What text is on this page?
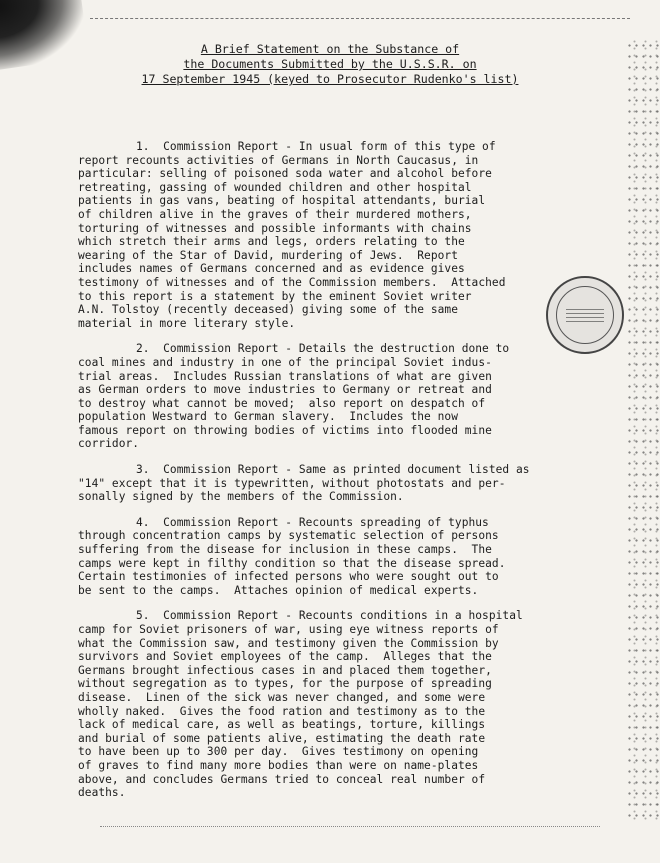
A Brief Statement on the Substance of
the Documents Submitted by the U.S.S.R. on
17 September 1945 (keyed to Prosecutor Rudenko's list)
1.  Commission Report - In usual form of this type of
report recounts activities of Germans in North Caucasus, in
particular: selling of poisoned soda water and alcohol before
retreating, gassing of wounded children and other hospital
patients in gas vans, beating of hospital attendants, burial
of children alive in the graves of their murdered mothers,
torturing of witnesses and possible informants with chains
which stretch their arms and legs, orders relating to the
wearing of the Star of David, murdering of Jews.  Report
includes names of Germans concerned and as evidence gives
testimony of witnesses and of the Commission members.  Attached
to this report is a statement by the eminent Soviet writer
A.N. Tolstoy (recently deceased) giving some of the same
material in more literary style.
2.  Commission Report - Details the destruction done to
coal mines and industry in one of the principal Soviet indus-
trial areas.  Includes Russian translations of what are given
as German orders to move industries to Germany or retreat and
to destroy what cannot be moved;  also report on despatch of
population Westward to German slavery.  Includes the now
famous report on throwing bodies of victims into flooded mine
corridor.
3.  Commission Report - Same as printed document listed as
"14" except that it is typewritten, without photostats and per-
sonally signed by the members of the Commission.
4.  Commission Report - Recounts spreading of typhus
through concentration camps by systematic selection of persons
suffering from the disease for inclusion in these camps.  The
camps were kept in filthy condition so that the disease spread.
Certain testimonies of infected persons who were sought out to
be sent to the camps.  Attaches opinion of medical experts.
5.  Commission Report - Recounts conditions in a hospital
camp for Soviet prisoners of war, using eye witness reports of
what the Commission saw, and testimony given the Commission by
survivors and Soviet employees of the camp.  Alleges that the
Germans brought infectious cases in and placed them together,
without segregation as to types, for the purpose of spreading
disease.  Linen of the sick was never changed, and some were
wholly naked.  Gives the food ration and testimony as to the
lack of medical care, as well as beatings, torture, killings
and burial of some patients alive, estimating the death rate
to have been up to 300 per day.  Gives testimony on opening
of graves to find many more bodies than were on name-plates
above, and concludes Germans tried to conceal real number of
deaths.
